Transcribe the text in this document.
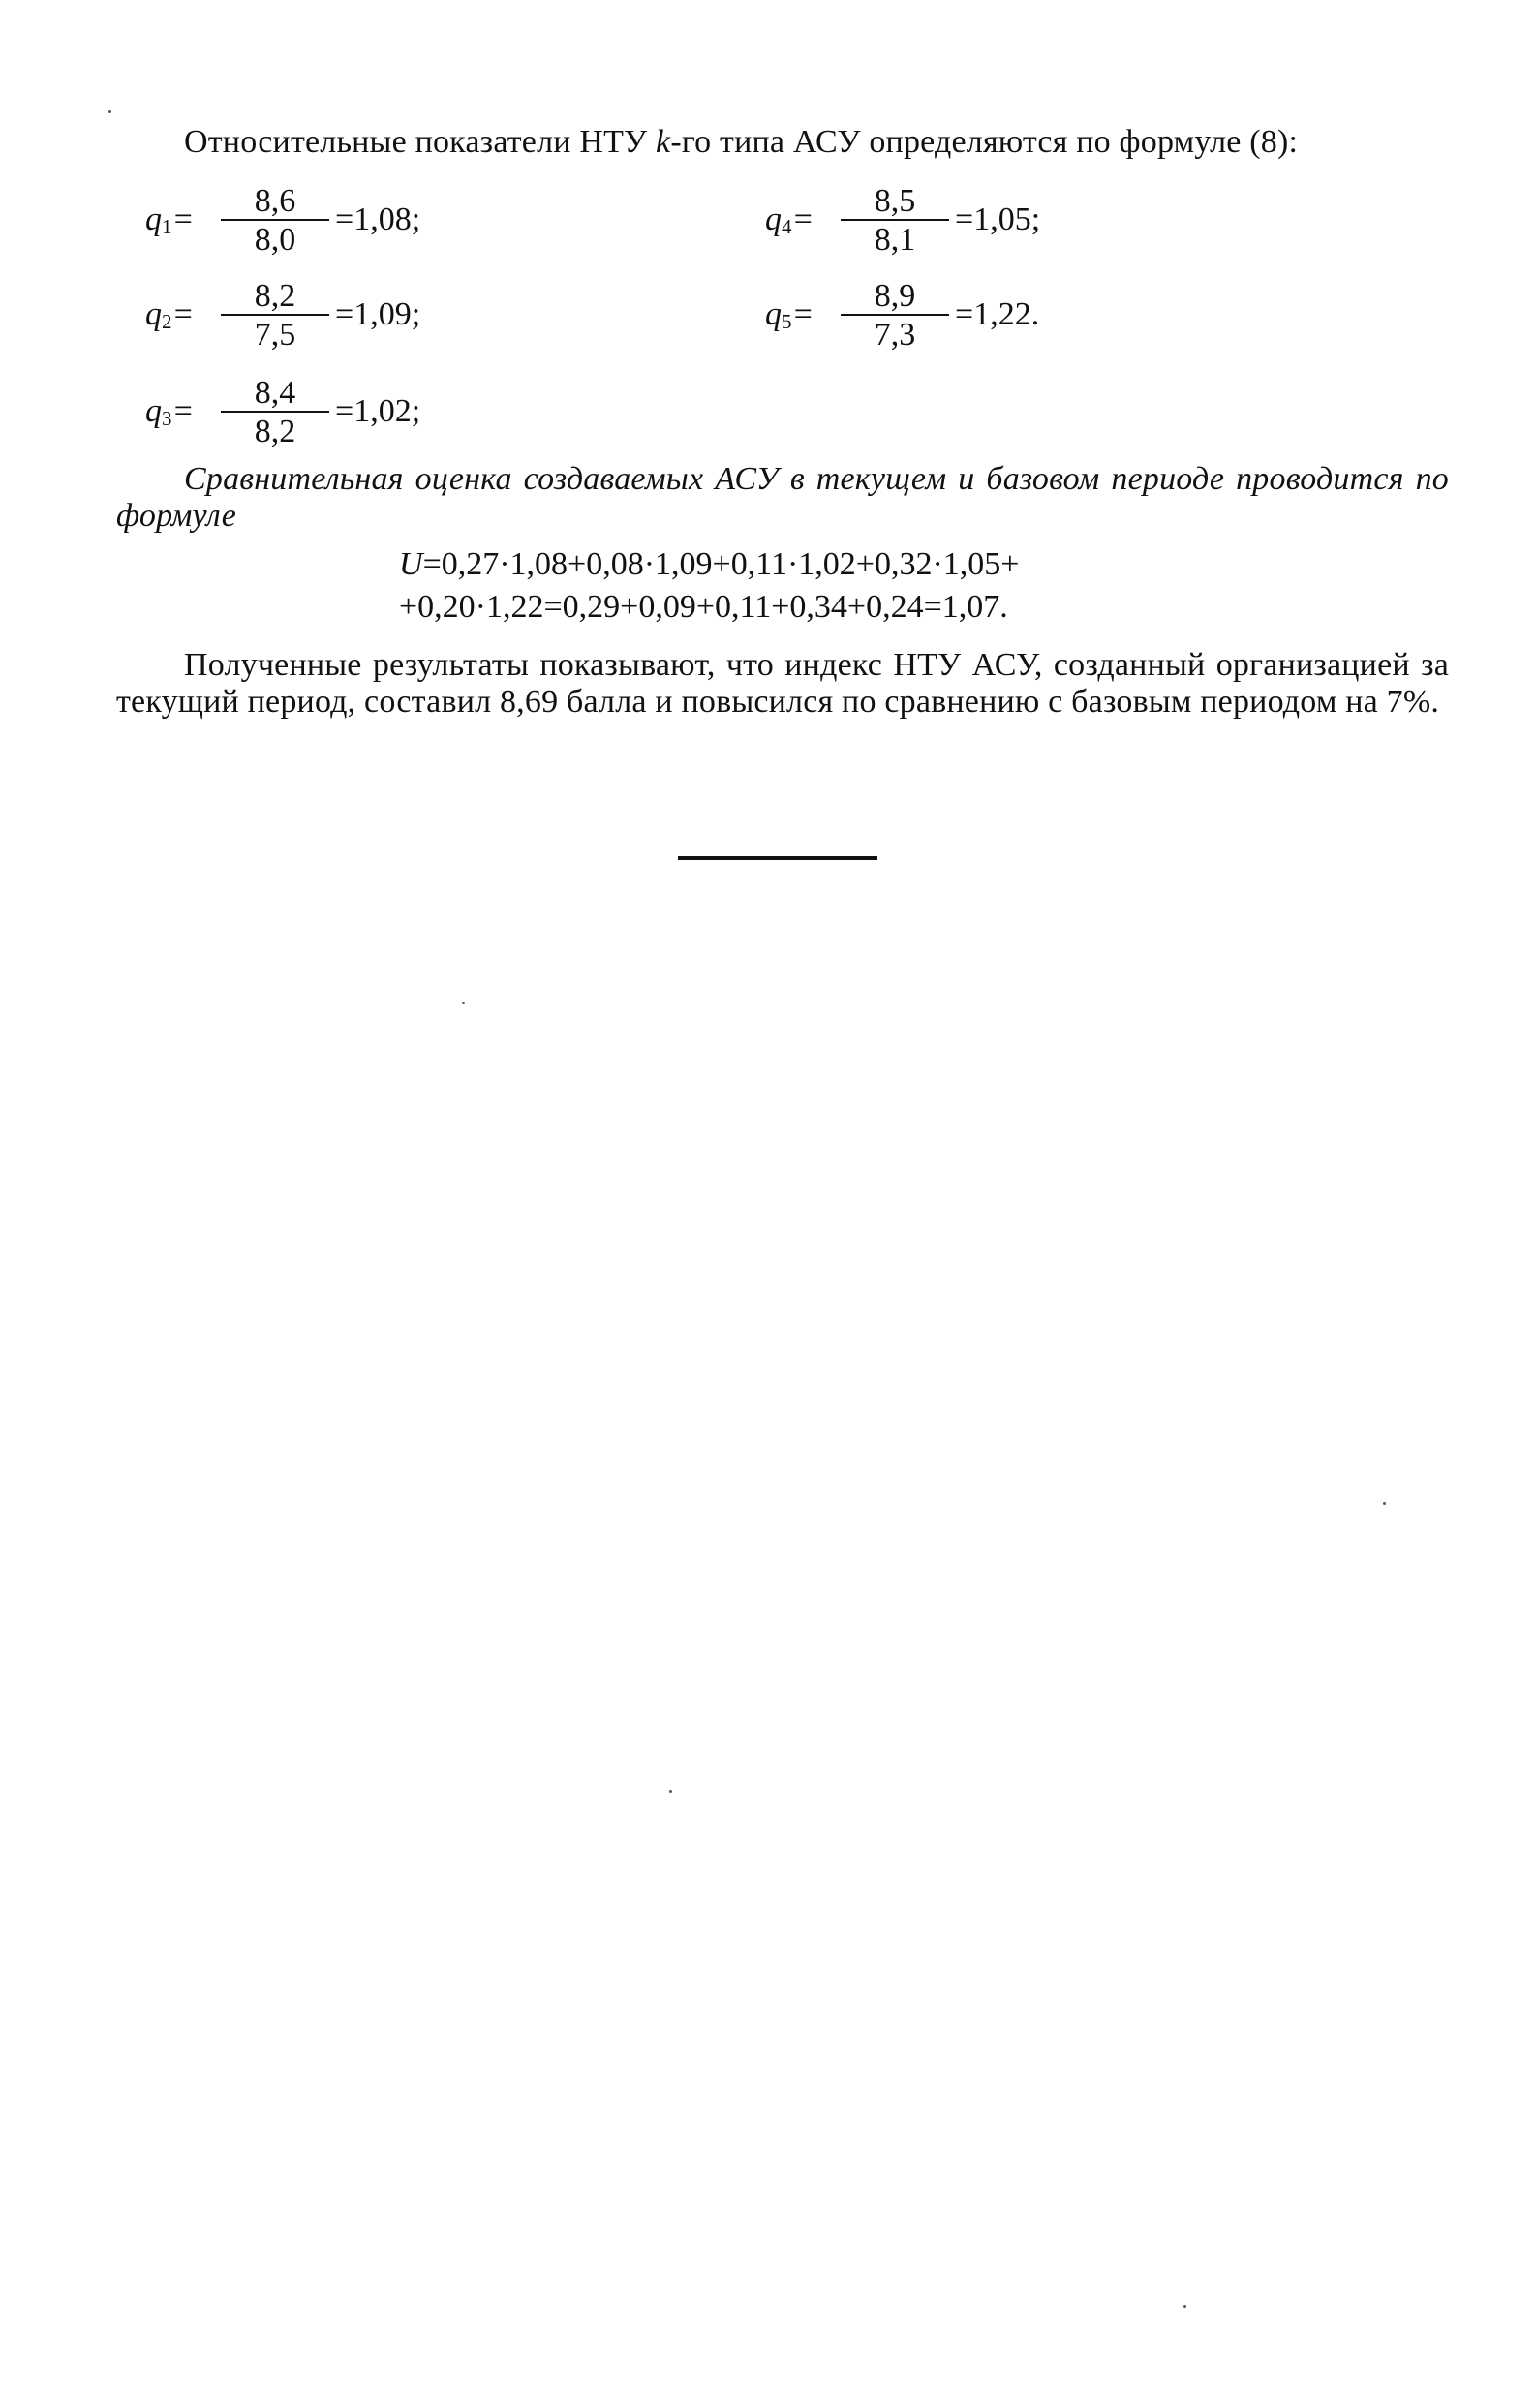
Относительные показатели НТУ k-го типа АСУ определяются по формуле (8):
$q_1=$
8,6
8,0
=1,08;
$q_2=$
8,2
7,5
=1,09;
$q_3=$
8,4
8,2
=1,02;
$q_4=$
8,5
8,1
=1,05;
$q_5=$
8,9
7,3
=1,22.
Сравнительная оценка создаваемых АСУ в текущем и базовом периоде проводится по формуле
U=0,27·1,08+0,08·1,09+0,11·1,02+0,32·1,05+
+0,20·1,22=0,29+0,09+0,11+0,34+0,24=1,07.
Полученные результаты показывают, что индекс НТУ АСУ, созданный организацией за текущий период, составил 8,69 балла и повысился по сравнению с базовым периодом на 7%.
